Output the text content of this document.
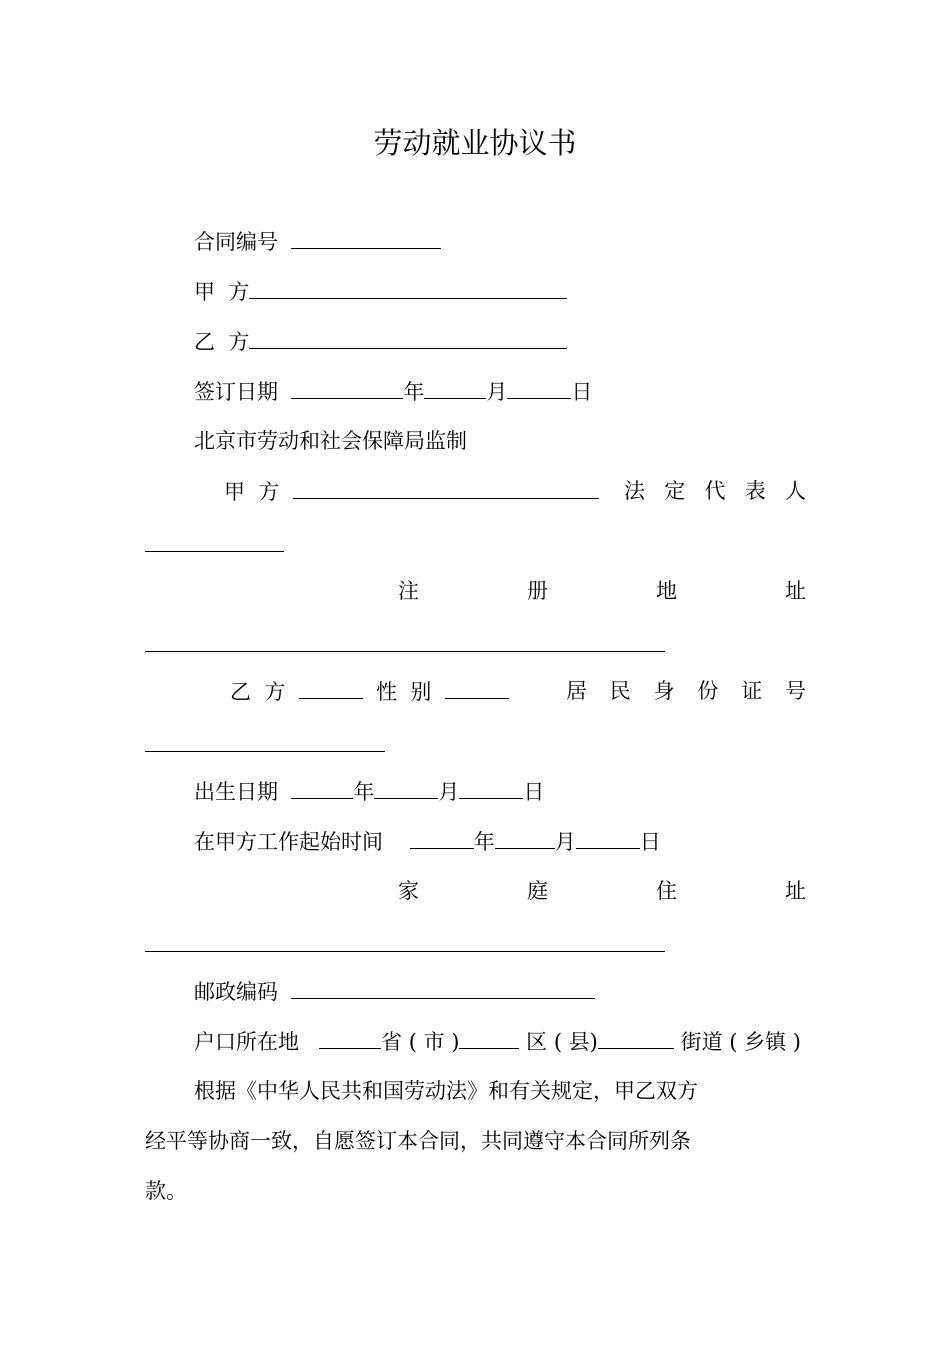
劳动就业协议书
合同编号
甲  方
乙  方
签订日期	年	月	日
北京市劳动和社会保障局监制
甲  方	法 定 代 表 人
注	册	地	址
乙  方	性  别	居 民 身 份 证 号
出生日期	年	月	日
在甲方工作起始时间	年	月	日
家	庭	住	址
邮政编码
户口所在地	省 ( 市 )	区 ( 县)	街道 ( 乡镇 )
根据《中华人民共和国劳动法》和有关规定，甲乙双方
经平等协商一致，自愿签订本合同，共同遵守本合同所列条
款。
